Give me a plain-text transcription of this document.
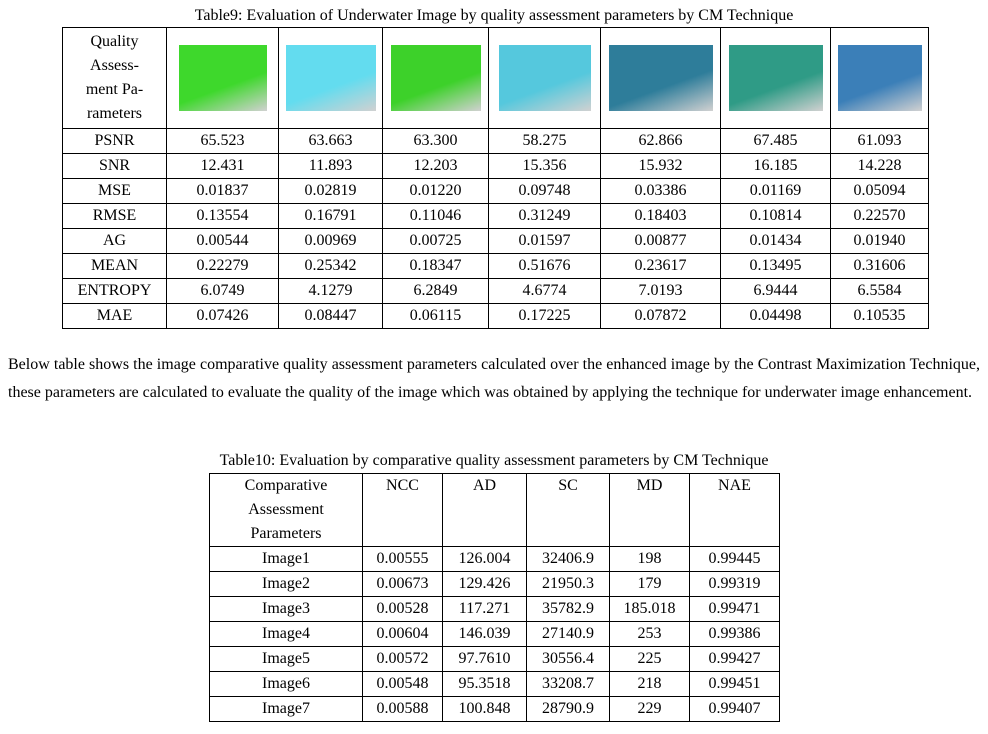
Table9: Evaluation of Underwater Image by quality assessment parameters by CM Technique
Quality
Assess-
ment Pa-
rameters							
PSNR	65.523	63.663	63.300	58.275	62.866	67.485	61.093
SNR	12.431	11.893	12.203	15.356	15.932	16.185	14.228
MSE	0.01837	0.02819	0.01220	0.09748	0.03386	0.01169	0.05094
RMSE	0.13554	0.16791	0.11046	0.31249	0.18403	0.10814	0.22570
AG	0.00544	0.00969	0.00725	0.01597	0.00877	0.01434	0.01940
MEAN	0.22279	0.25342	0.18347	0.51676	0.23617	0.13495	0.31606
ENTROPY	6.0749	4.1279	6.2849	4.6774	7.0193	6.9444	6.5584
MAE	0.07426	0.08447	0.06115	0.17225	0.07872	0.04498	0.10535
Below table shows the image comparative quality assessment parameters calculated over the enhanced image by the Contrast Maximization Technique, these parameters are calculated to evaluate the quality of the image which was obtained by applying the technique for underwater image enhancement.
Table10: Evaluation by comparative quality assessment parameters by CM Technique
Comparative
Assessment
Parameters	NCC	AD	SC	MD	NAE
Image1	0.00555	126.004	32406.9	198	0.99445
Image2	0.00673	129.426	21950.3	179	0.99319
Image3	0.00528	117.271	35782.9	185.018	0.99471
Image4	0.00604	146.039	27140.9	253	0.99386
Image5	0.00572	97.7610	30556.4	225	0.99427
Image6	0.00548	95.3518	33208.7	218	0.99451
Image7	0.00588	100.848	28790.9	229	0.99407
